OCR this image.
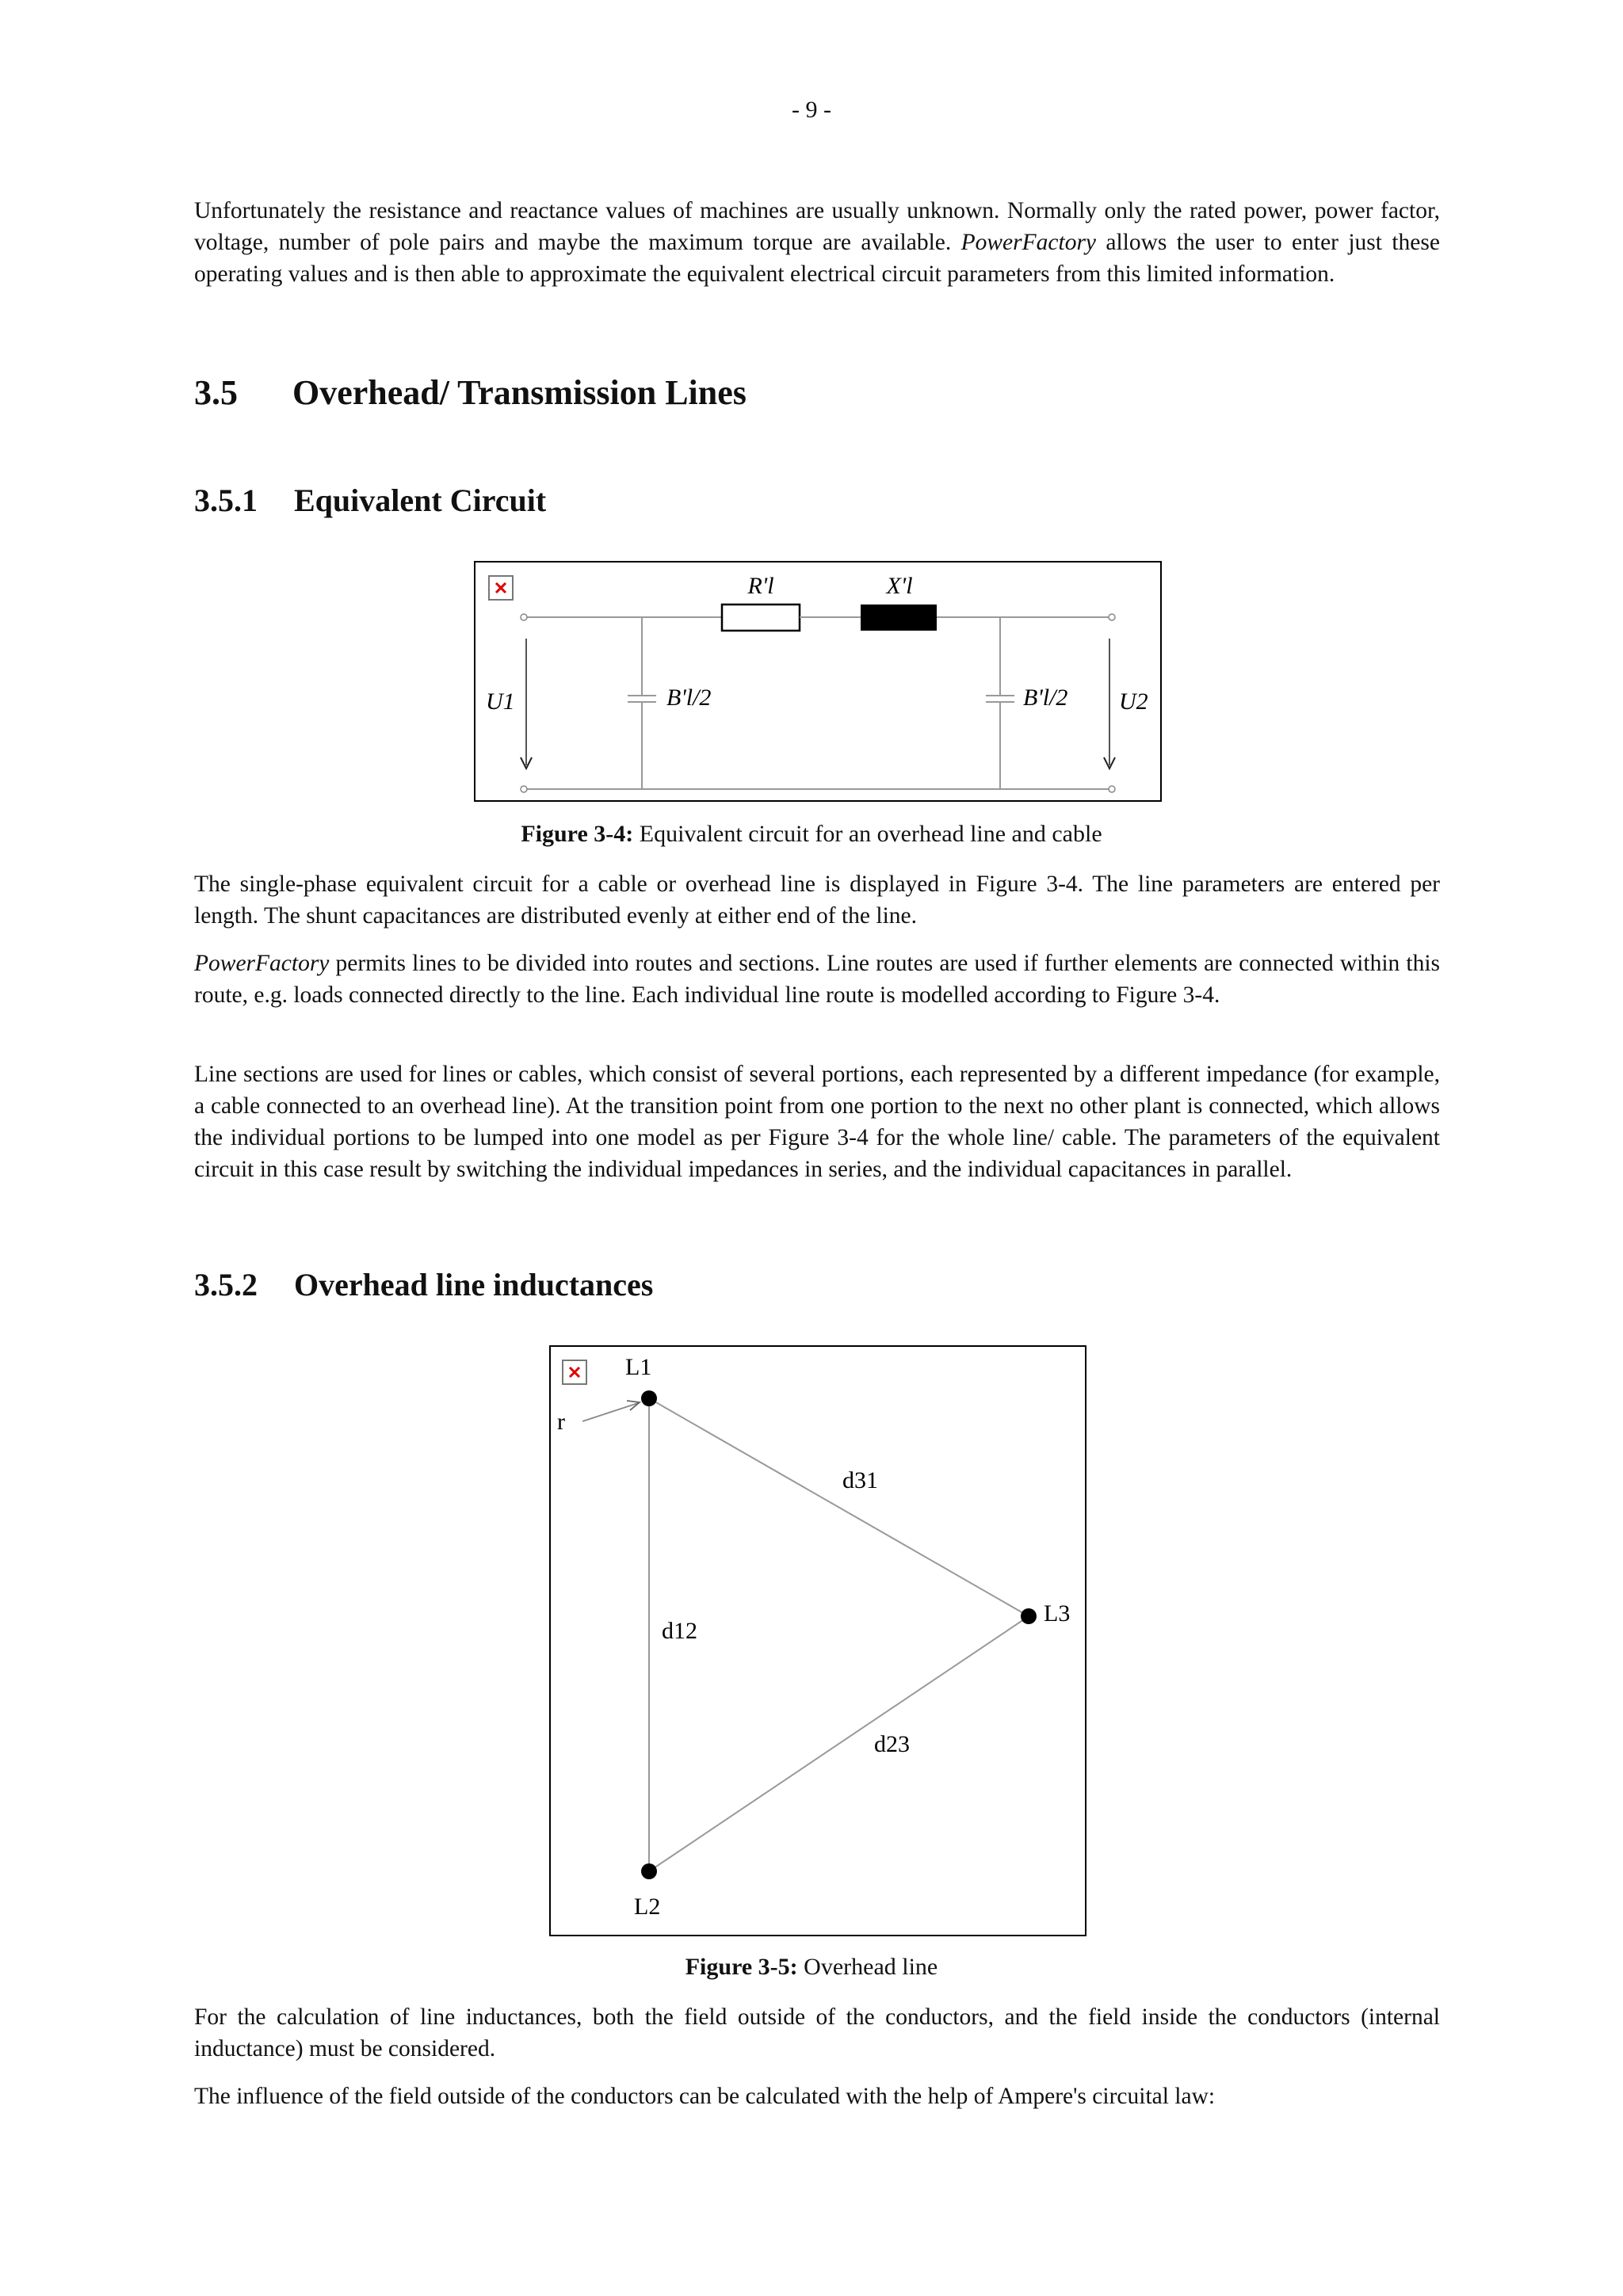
- 9 -

Unfortunately the resistance and reactance values of machines are usually unknown. Normally only the rated power, power factor, voltage, number of pole pairs and maybe the maximum torque are available. PowerFactory allows the user to enter just these operating values and is then able to approximate the equivalent electrical circuit parameters from this limited information.

3.5 Overhead/ Transmission Lines
3.5.1 Equivalent Circuit
R'l	X'l
U1	U2
B'l/2	B'l/2

Figure 3-4: Equivalent circuit for an overhead line and cable

The single-phase equivalent circuit for a cable or overhead line is displayed in Figure 3-4. The line parameters are entered per length. The shunt capacitances are distributed evenly at either end of the line.

PowerFactory permits lines to be divided into routes and sections. Line routes are used if further elements are connected within this route, e.g. loads connected directly to the line. Each individual line route is modelled according to Figure 3-4.

Line sections are used for lines or cables, which consist of several portions, each represented by a different impedance (for example, a cable connected to an overhead line). At the transition point from one portion to the next no other plant is connected, which allows the individual portions to be lumped into one model as per Figure 3-4 for the whole line/ cable. The parameters of the equivalent circuit in this case result by switching the individual impedances in series, and the individual capacitances in parallel.

3.5.2 Overhead line inductances
L1
L2
L3
r
d12
d31
d23

Figure 3-5: Overhead line

For the calculation of line inductances, both the field outside of the conductors, and the field inside the conductors (internal inductance) must be considered.

The influence of the field outside of the conductors can be calculated with the help of Ampere's circuital law:
